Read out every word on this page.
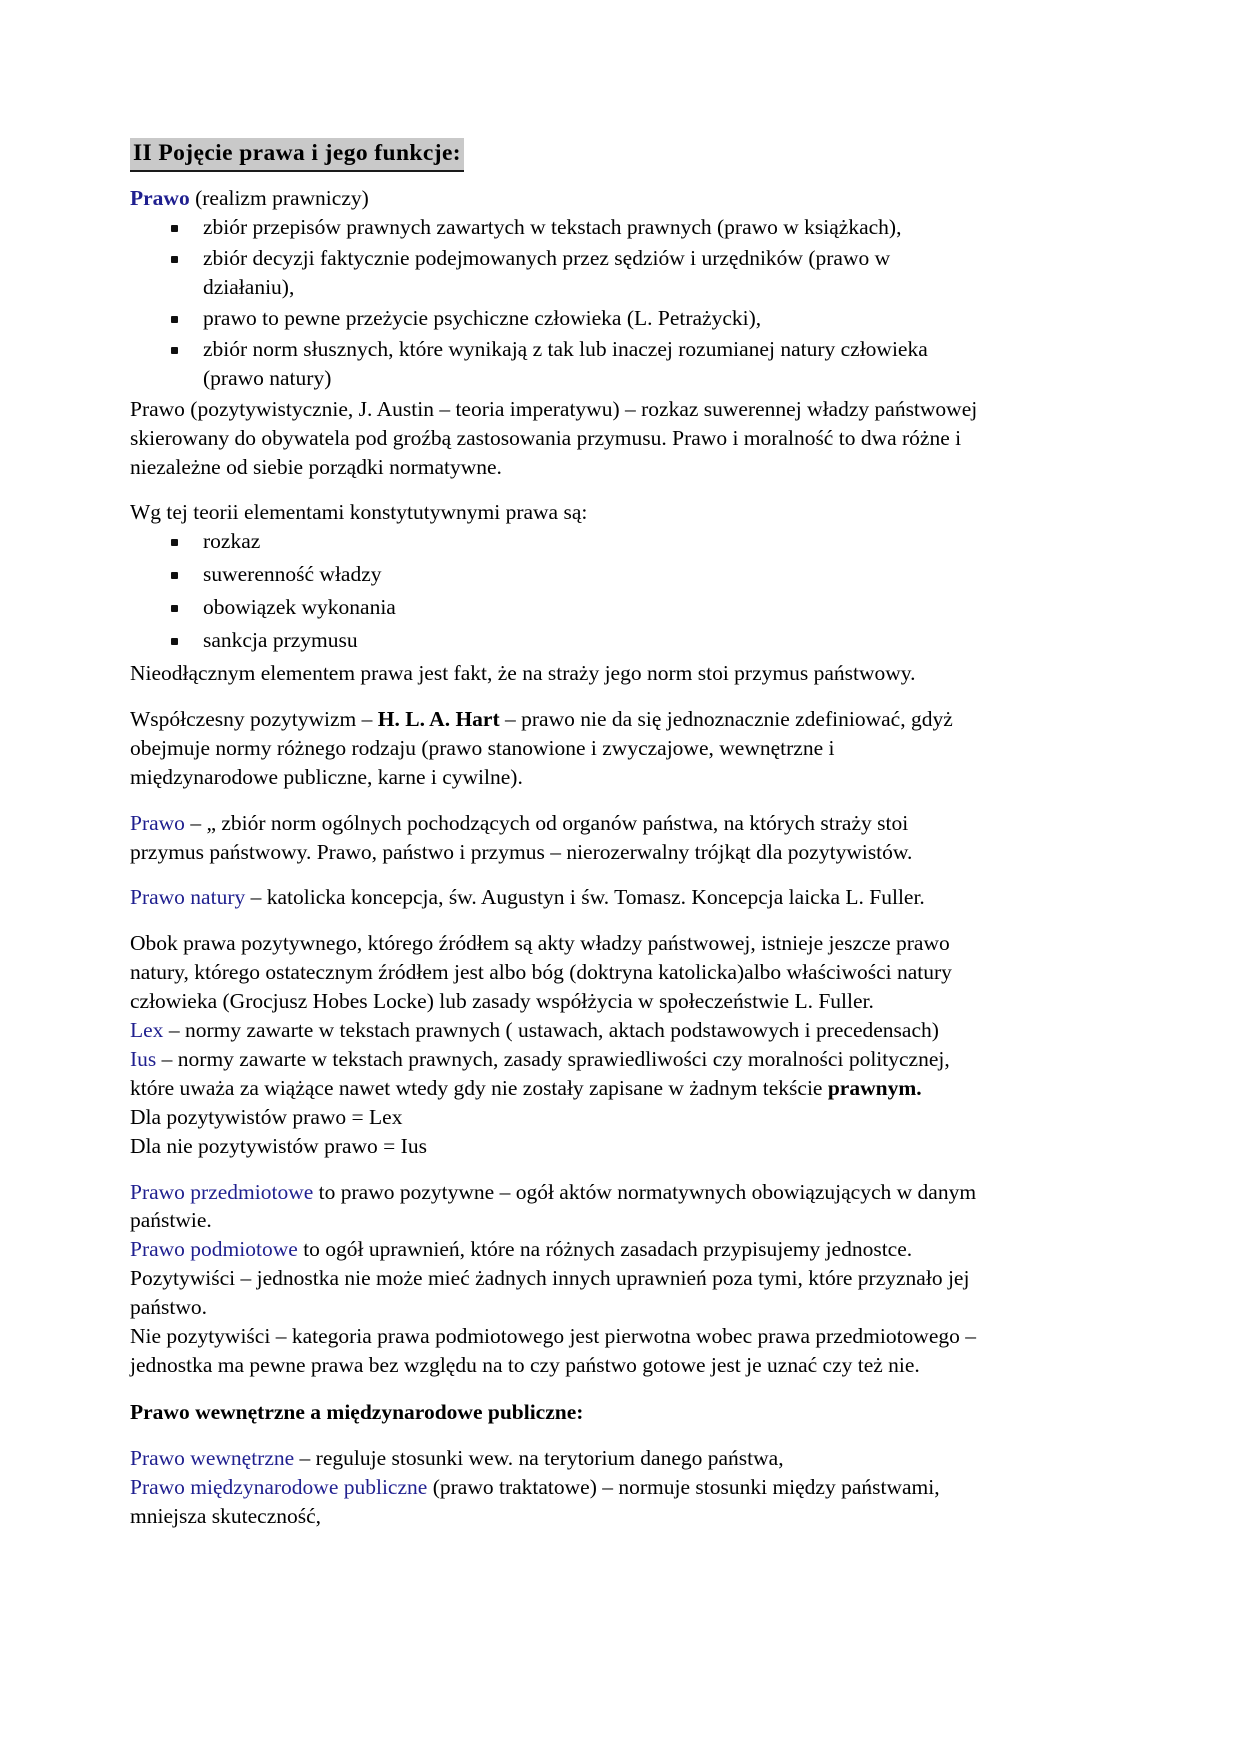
II Pojęcie prawa i jego funkcje:

Prawo (realizm prawniczy)

zbiór przepisów prawnych zawartych w tekstach prawnych (prawo w książkach),
zbiór decyzji faktycznie podejmowanych przez sędziów i urzędników (prawo w działaniu),
prawo to pewne przeżycie psychiczne człowieka (L. Petrażycki),
zbiór norm słusznych, które wynikają z tak lub inaczej rozumianej natury człowieka (prawo natury)

Prawo (pozytywistycznie, J. Austin – teoria imperatywu) – rozkaz suwerennej władzy państwowej skierowany do obywatela pod groźbą zastosowania przymusu. Prawo i moralność to dwa różne i niezależne od siebie porządki normatywne.

Wg tej teorii elementami konstytutywnymi prawa są:

rozkaz
suwerenność władzy
obowiązek wykonania
sankcja przymusu

Nieodłącznym elementem prawa jest fakt, że na straży jego norm stoi przymus państwowy.

Współczesny pozytywizm – H. L. A. Hart – prawo nie da się jednoznacznie zdefiniować, gdyż obejmuje normy różnego rodzaju (prawo stanowione i zwyczajowe, wewnętrzne i międzynarodowe publiczne, karne i cywilne).

Prawo – „ zbiór norm ogólnych pochodzących od organów państwa, na których straży stoi przymus państwowy. Prawo, państwo i przymus – nierozerwalny trójkąt dla pozytywistów.

Prawo natury – katolicka koncepcja, św. Augustyn i św. Tomasz. Koncepcja laicka L. Fuller.

Obok prawa pozytywnego, którego źródłem są akty władzy państwowej, istnieje jeszcze prawo natury, którego ostatecznym źródłem jest albo bóg (doktryna katolicka)albo właściwości natury człowieka (Grocjusz Hobes Locke) lub zasady współżycia w społeczeństwie L. Fuller.

Lex – normy zawarte w tekstach prawnych ( ustawach, aktach podstawowych i precedensach)

Ius – normy zawarte w tekstach prawnych, zasady sprawiedliwości czy moralności politycznej, które uważa za wiążące nawet wtedy gdy nie zostały zapisane w żadnym tekście prawnym.

Dla pozytywistów prawo = Lex

Dla nie pozytywistów prawo = Ius

Prawo przedmiotowe to prawo pozytywne – ogół aktów normatywnych obowiązujących w danym państwie.

Prawo podmiotowe to ogół uprawnień, które na różnych zasadach przypisujemy jednostce.

Pozytywiści – jednostka nie może mieć żadnych innych uprawnień poza tymi, które przyznało jej państwo.

Nie pozytywiści – kategoria prawa podmiotowego jest pierwotna wobec prawa przedmiotowego – jednostka ma pewne prawa bez względu na to czy państwo gotowe jest je uznać czy też nie.

Prawo wewnętrzne a międzynarodowe publiczne:

Prawo wewnętrzne – reguluje stosunki wew. na terytorium danego państwa,

Prawo międzynarodowe publiczne (prawo traktatowe) – normuje stosunki między państwami, mniejsza skuteczność,
